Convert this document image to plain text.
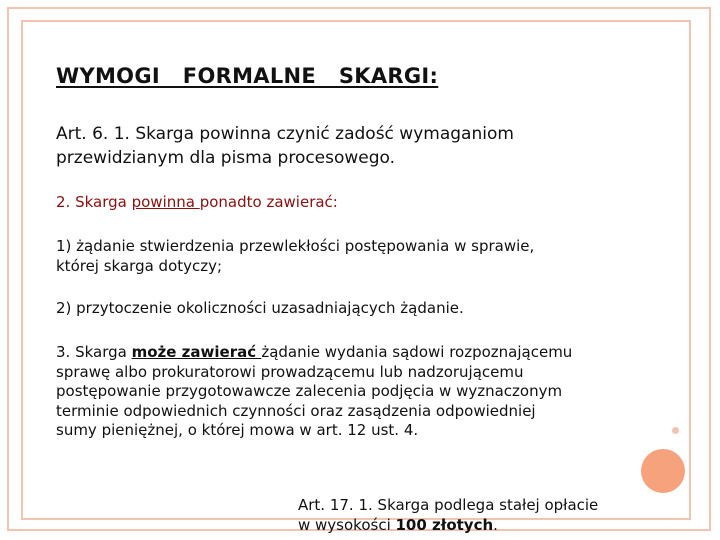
WYMOGI   FORMALNE   SKARGI:

Art. 6. 1. Skarga powinna czynić zadość wymaganiom
przewidzianym dla pisma procesowego.

2. Skarga powinna ponadto zawierać:

1) żądanie stwierdzenia przewlekłości postępowania w sprawie,
której skarga dotyczy;

2) przytoczenie okoliczności uzasadniających żądanie.

3. Skarga może zawierać żądanie wydania sądowi rozpoznającemu
sprawę albo prokuratorowi prowadzącemu lub nadzorującemu
postępowanie przygotowawcze zalecenia podjęcia w wyznaczonym
terminie odpowiednich czynności oraz zasądzenia odpowiedniej
sumy pieniężnej, o której mowa w art. 12 ust. 4.

Art. 17. 1. Skarga podlega stałej opłacie
w wysokości 100 złotych.
